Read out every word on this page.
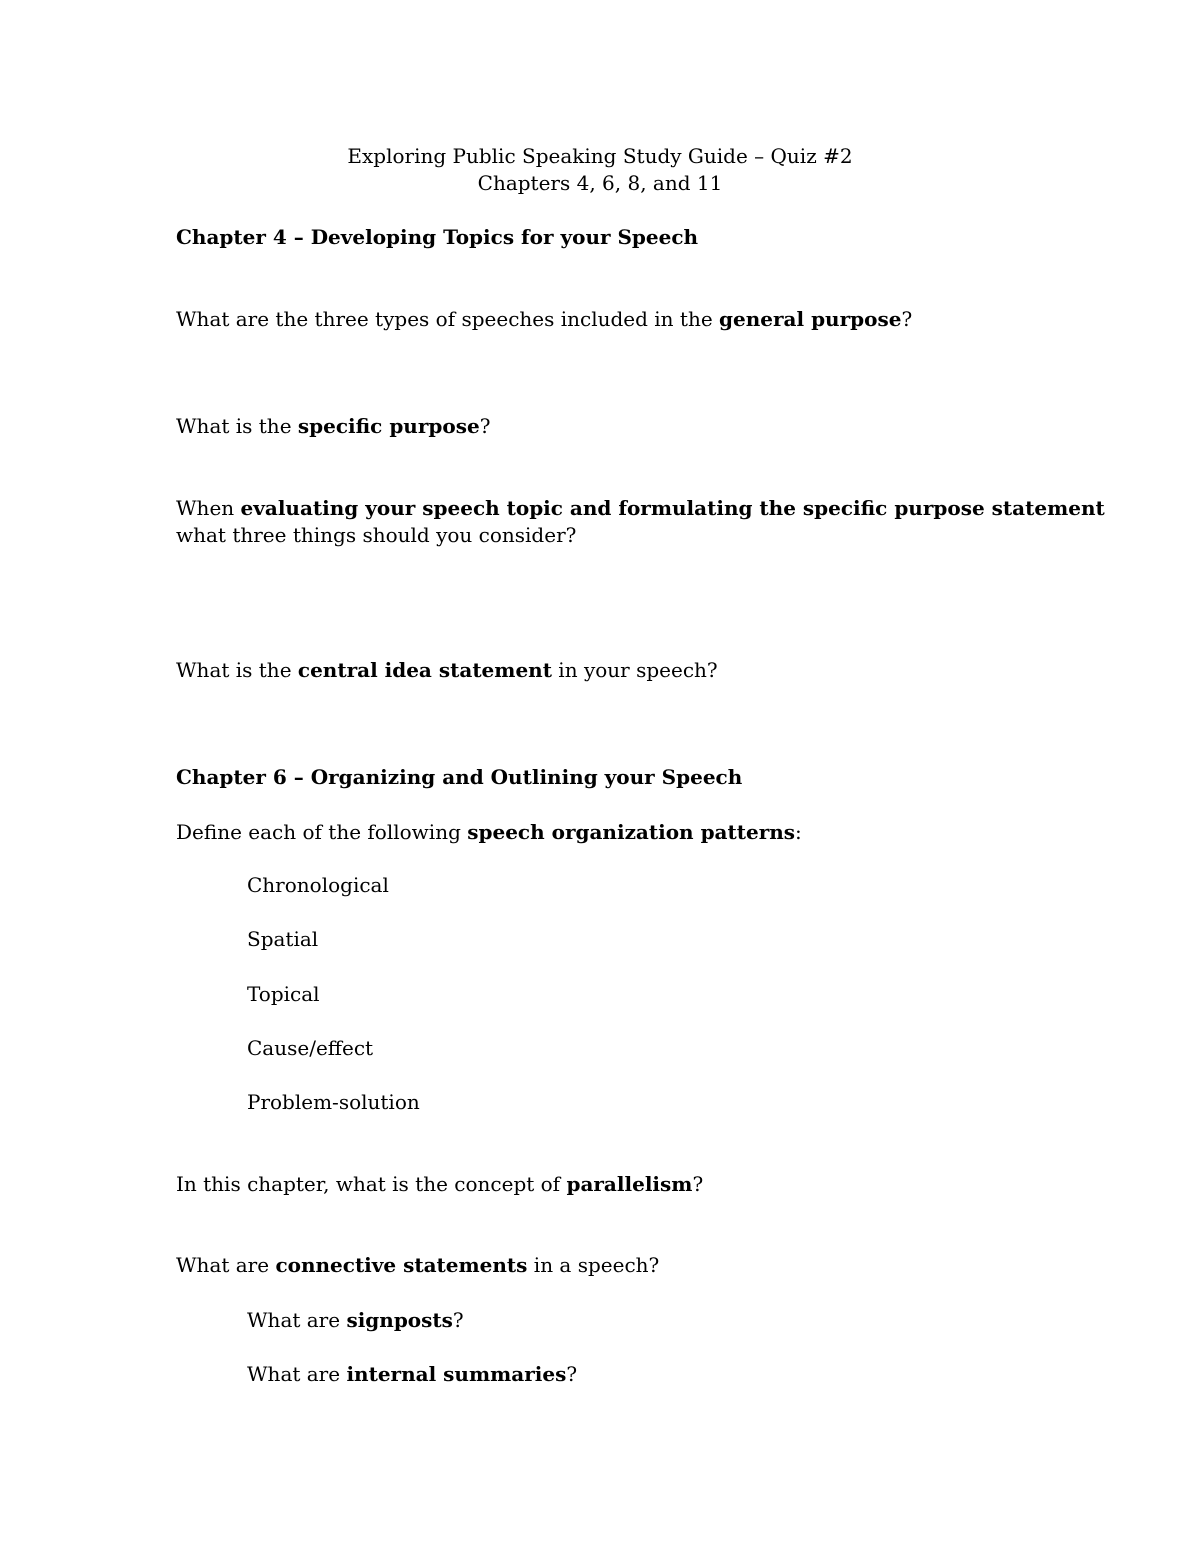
Exploring Public Speaking Study Guide – Quiz #2
Chapters 4, 6, 8, and 11
Chapter 4 – Developing Topics for your Speech
What are the three types of speeches included in the general purpose?
What is the specific purpose?
When evaluating your speech topic and formulating the specific purpose statement
what three things should you consider?
What is the central idea statement in your speech?
Chapter 6 – Organizing and Outlining your Speech
Define each of the following speech organization patterns:
Chronological
Spatial
Topical
Cause/effect
Problem-solution
In this chapter, what is the concept of parallelism?
What are connective statements in a speech?
What are signposts?
What are internal summaries?
